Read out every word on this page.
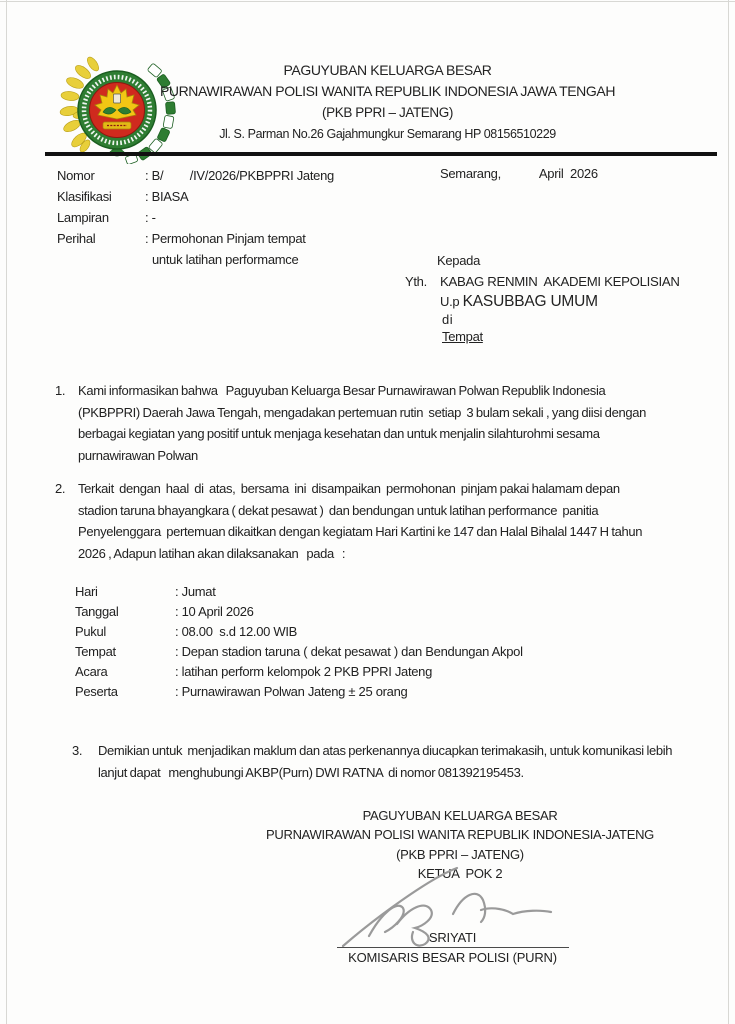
PAGUYUBAN KELUARGA BESAR
PURNAWIRAWAN POLISI WANITA REPUBLIK INDONESIA JAWA TENGAH
(PKB PPRI – JATENG)
Jl. S. Parman No.26 Gajahmungkur Semarang HP 08156510229
Nomor	: B/        /IV/2026/PKBPPRI Jateng
Klasifikasi	: BIASA
Lampiran	: -
Perihal	: Permohonan Pinjam tempat
untuk latihan performamce
Semarang,	April  2026
Kepada
Yth. KABAG RENMIN  AKADEMI KEPOLISIAN
U.p KASUBBAG UMUM
di
Tempat
1. Kami informasikan bahwa   Paguyuban Keluarga Besar Purnawirawan Polwan Republik Indonesia
(PKBPPRI) Daerah Jawa Tengah, mengadakan pertemuan rutin  setiap  3 bulam sekali , yang diisi dengan
berbagai kegiatan yang positif untuk menjaga kesehatan dan untuk menjalin silahturohmi sesama
purnawirawan Polwan
2. Terkait  dengan  haal  di  atas,  bersama  ini  disampaikan  permohonan  pinjam pakai halamam depan
stadion taruna bhayangkara ( dekat pesawat )  dan bendungan untuk latihan performance  panitia
Penyelenggara  pertemuan dikaitkan dengan kegiatam Hari Kartini ke 147 dan Halal Bihalal 1447 H tahun
2026 , Adapun latihan akan dilaksanakan   pada   :
Hari	: Jumat
Tanggal	: 10 April 2026
Pukul	: 08.00  s.d 12.00 WIB
Tempat	: Depan stadion taruna ( dekat pesawat ) dan Bendungan Akpol
Acara	: latihan perform kelompok 2 PKB PPRI Jateng
Peserta	: Purnawirawan Polwan Jateng ± 25 orang
3. Demikian untuk  menjadikan maklum dan atas perkenannya diucapkan terimakasih, untuk komunikasi lebih
lanjut dapat   menghubungi AKBP(Purn) DWI RATNA  di nomor 081392195453.
PAGUYUBAN KELUARGA BESAR
PURNAWIRAWAN POLISI WANITA REPUBLIK INDONESIA-JATENG
(PKB PPRI – JATENG)
KETUA  POK 2
SRIYATI
KOMISARIS BESAR POLISI (PURN)
